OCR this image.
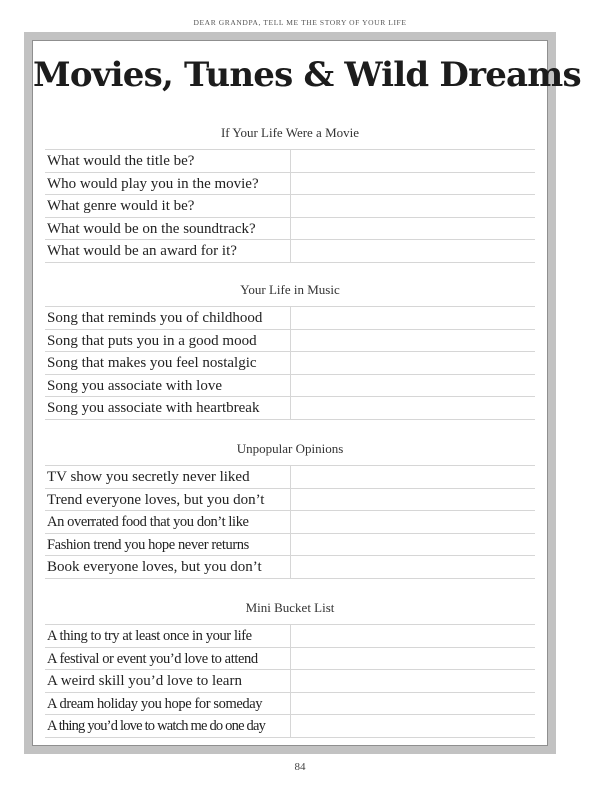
DEAR GRANDPA, TELL ME THE STORY OF YOUR LIFE
Movies, Tunes & Wild Dreams
If Your Life Were a Movie
What would the title be?
Who would play you in the movie?
What genre would it be?
What would be on the soundtrack?
What would be an award for it?
Your Life in Music
Song that reminds you of childhood
Song that puts you in a good mood
Song that makes you feel nostalgic
Song you associate with love
Song you associate with heartbreak
Unpopular Opinions
TV show you secretly never liked
Trend everyone loves, but you don’t
An overrated food that you don’t like
Fashion trend you hope never returns
Book everyone loves, but you don’t
Mini Bucket List
A thing to try at least once in your life
A festival or event you’d love to attend
A weird skill you’d love to learn
A dream holiday you hope for someday
A thing you’d love to watch me do one day
84
